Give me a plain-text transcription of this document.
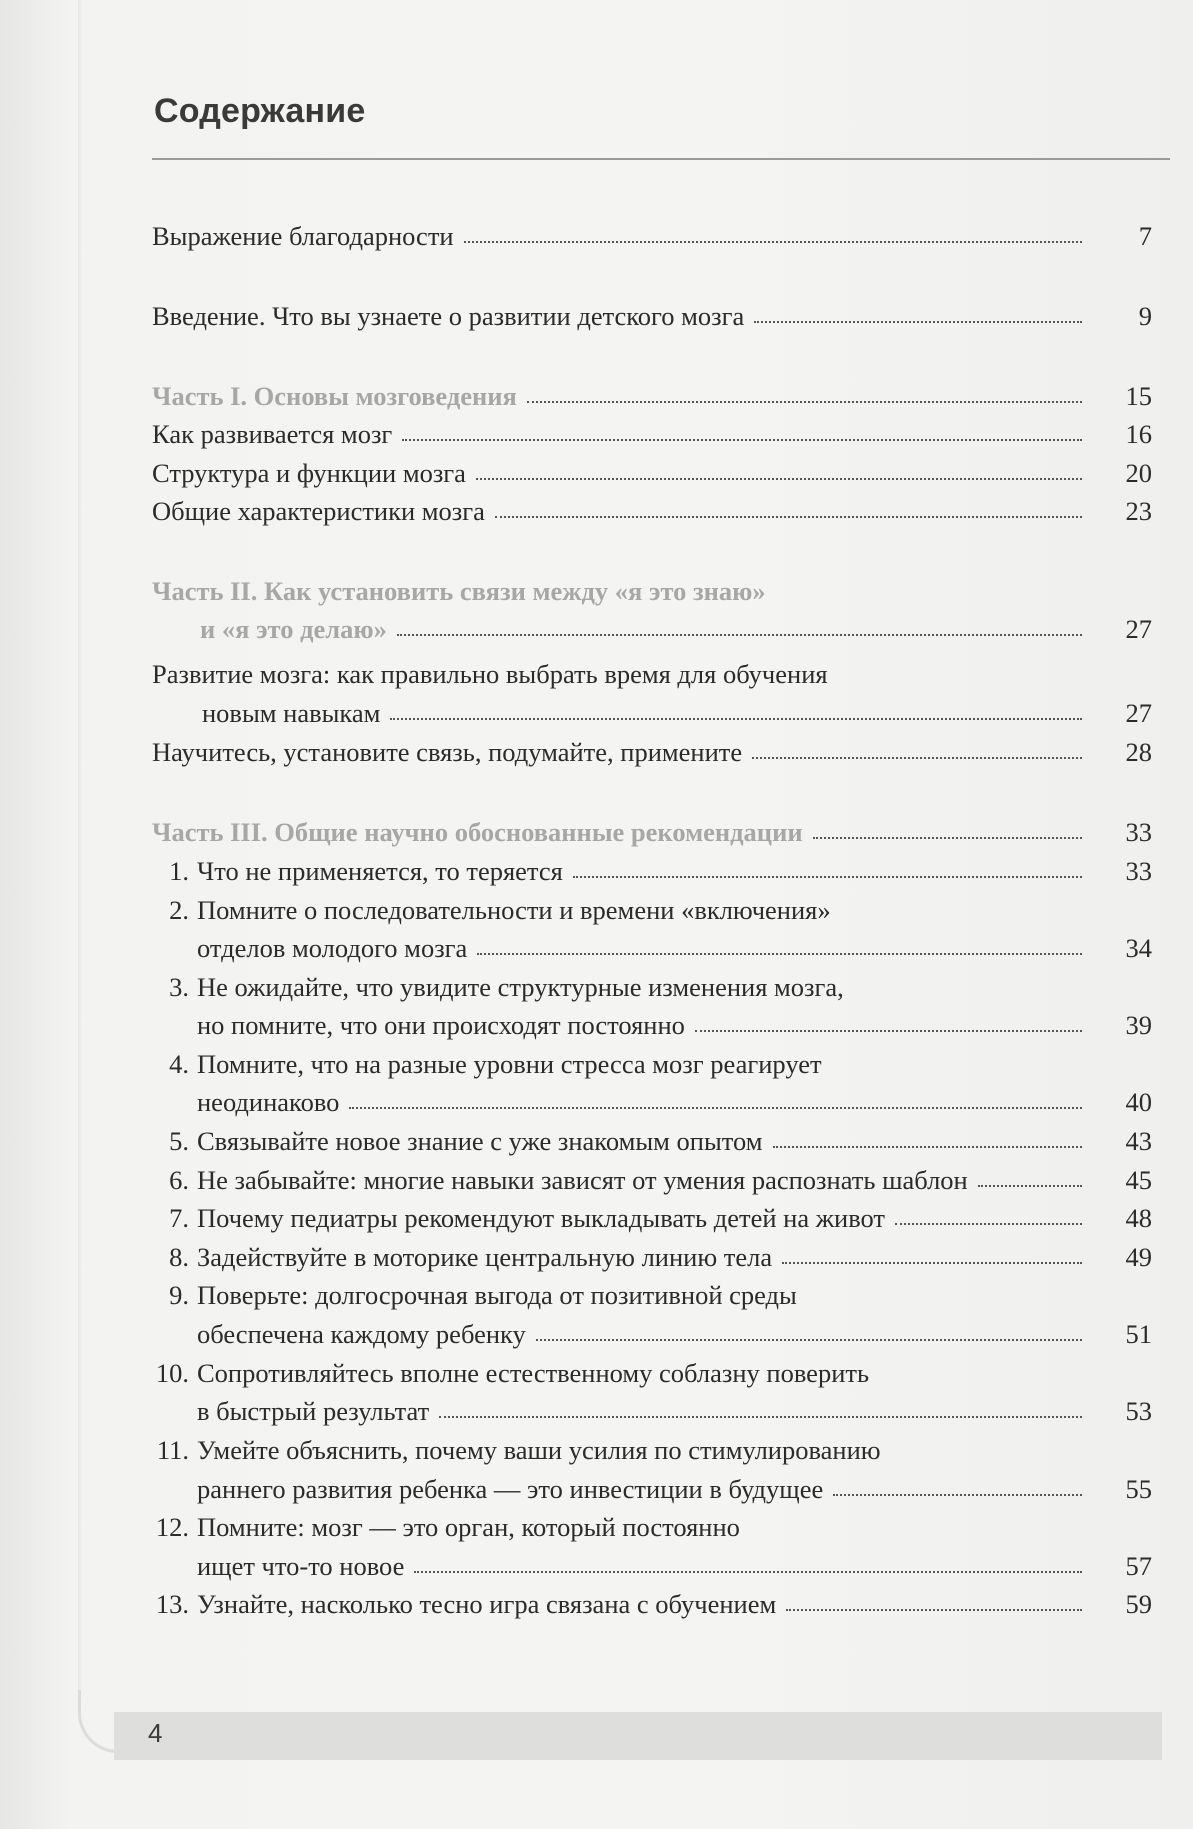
Содержание
Выражение благодарности	7
Введение. Что вы узнаете о развитии детского мозга	9
Часть I. Основы мозговедения	15
Как развивается мозг	16
Структура и функции мозга	20
Общие характеристики мозга	23
Часть II. Как установить связи между «я это знаю»
и «я это делаю»	27
Развитие мозга: как правильно выбрать время для обучения
новым навыкам	27
Научитесь, установите связь, подумайте, примените	28
Часть III. Общие научно обоснованные рекомендации	33
1. Что не применяется, то теряется	33
2. Помните о последовательности и времени «включения»
отделов молодого мозга	34
3. Не ожидайте, что увидите структурные изменения мозга,
но помните, что они происходят постоянно	39
4. Помните, что на разные уровни стресса мозг реагирует
неодинаково	40
5. Связывайте новое знание с уже знакомым опытом	43
6. Не забывайте: многие навыки зависят от умения распознать шаблон	45
7. Почему педиатры рекомендуют выкладывать детей на живот	48
8. Задействуйте в моторике центральную линию тела	49
9. Поверьте: долгосрочная выгода от позитивной среды
обеспечена каждому ребенку	51
10. Сопротивляйтесь вполне естественному соблазну поверить
в быстрый результат	53
11. Умейте объяснить, почему ваши усилия по стимулированию
раннего развития ребенка — это инвестиции в будущее	55
12. Помните: мозг — это орган, который постоянно
ищет что-то новое	57
13. Узнайте, насколько тесно игра связана с обучением	59
4
